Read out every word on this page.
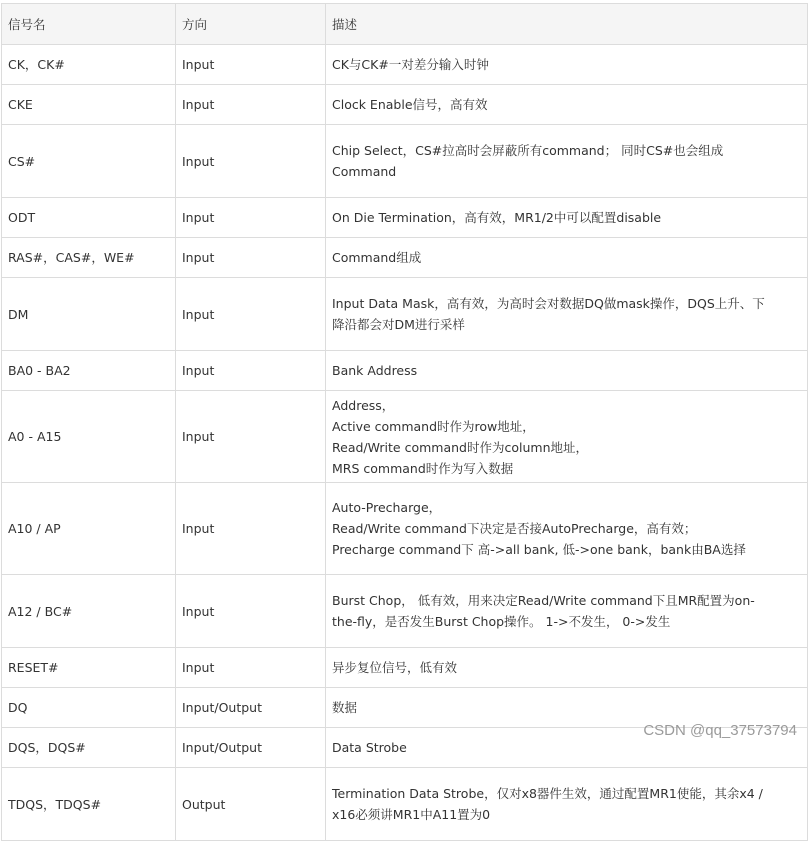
信号名	方向	描述
CK，CK#	Input	CK与CK#一对差分输入时钟

CKE	Input	Clock Enable信号，高有效

CS#	Input	Chip Select，CS#拉高时会屏蔽所有command； 同时CS#也会组成
Command

ODT	Input	On Die Termination，高有效，MR1/2中可以配置disable

RAS#，CAS#，WE#	Input	Command组成

DM	Input	Input Data Mask，高有效，为高时会对数据DQ做mask操作，DQS上升、下
降沿都会对DM进行采样

BA0 - BA2	Input	Bank Address

A0 - A15	Input	Address，
Active command时作为row地址，
Read/Write command时作为column地址，
MRS command时作为写入数据

A10 / AP	Input	Auto-Precharge，
Read/Write command下决定是否接AutoPrecharge，高有效；
Precharge command下 高->all bank, 低->one bank，bank由BA选择

A12 / BC#	Input	Burst Chop， 低有效，用来决定Read/Write command下且MR配置为on-
the-fly，是否发生Burst Chop操作。 1->不发生， 0->发生

RESET#	Input	异步复位信号，低有效

DQ	Input/Output	数据

DQS，DQS#	Input/Output	Data Strobe

TDQS，TDQS#	Output	Termination Data Strobe，仅对x8器件生效，通过配置MR1使能，其余x4 /
x16必须讲MR1中A11置为0
CSDN @qq_37573794
